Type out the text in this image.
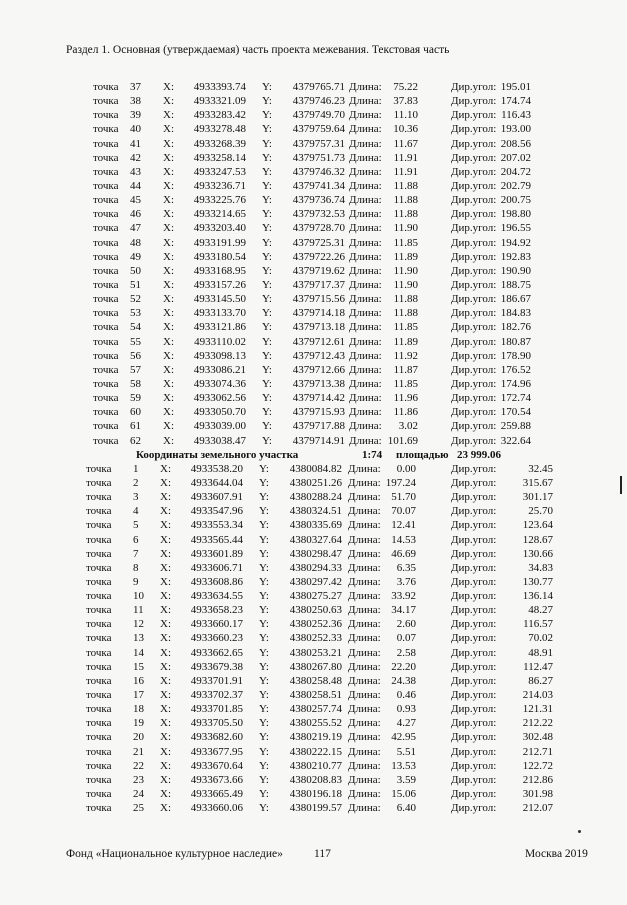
Раздел 1. Основная (утверждаемая) часть проекта межевания. Текстовая часть
точка 37 X: 4933393.74 Y: 4379765.71 Длина: 75.22	Дир.угол: 195.01
точка 38 X: 4933321.09 Y: 4379746.23 Длина: 37.83	Дир.угол: 174.74
точка 39 X: 4933283.42 Y: 4379749.70 Длина: 11.10	Дир.угол: 116.43
точка 40 X: 4933278.48 Y: 4379759.64 Длина: 10.36	Дир.угол: 193.00
точка 41 X: 4933268.39 Y: 4379757.31 Длина: 11.67	Дир.угол: 208.56
точка 42 X: 4933258.14 Y: 4379751.73 Длина: 11.91	Дир.угол: 207.02
точка 43 X: 4933247.53 Y: 4379746.32 Длина: 11.91	Дир.угол: 204.72
точка 44 X: 4933236.71 Y: 4379741.34 Длина: 11.88	Дир.угол: 202.79
точка 45 X: 4933225.76 Y: 4379736.74 Длина: 11.88	Дир.угол: 200.75
точка 46 X: 4933214.65 Y: 4379732.53 Длина: 11.88	Дир.угол: 198.80
точка 47 X: 4933203.40 Y: 4379728.70 Длина: 11.90	Дир.угол: 196.55
точка 48 X: 4933191.99 Y: 4379725.31 Длина: 11.85	Дир.угол: 194.92
точка 49 X: 4933180.54 Y: 4379722.26 Длина: 11.89	Дир.угол: 192.83
точка 50 X: 4933168.95 Y: 4379719.62 Длина: 11.90	Дир.угол: 190.90
точка 51 X: 4933157.26 Y: 4379717.37 Длина: 11.90	Дир.угол: 188.75
точка 52 X: 4933145.50 Y: 4379715.56 Длина: 11.88	Дир.угол: 186.67
точка 53 X: 4933133.70 Y: 4379714.18 Длина: 11.88	Дир.угол: 184.83
точка 54 X: 4933121.86 Y: 4379713.18 Длина: 11.85	Дир.угол: 182.76
точка 55 X: 4933110.02 Y: 4379712.61 Длина: 11.89	Дир.угол: 180.87
точка 56 X: 4933098.13 Y: 4379712.43 Длина: 11.92	Дир.угол: 178.90
точка 57 X: 4933086.21 Y: 4379712.66 Длина: 11.87	Дир.угол: 176.52
точка 58 X: 4933074.36 Y: 4379713.38 Длина: 11.85	Дир.угол: 174.96
точка 59 X: 4933062.56 Y: 4379714.42 Длина: 11.96	Дир.угол: 172.74
точка 60 X: 4933050.70 Y: 4379715.93 Длина: 11.86	Дир.угол: 170.54
точка 61 X: 4933039.00 Y: 4379717.88 Длина: 3.02	Дир.угол: 259.88
точка 62 X: 4933038.47 Y: 4379714.91 Длина: 101.69	Дир.угол: 322.64
Координаты земельного участка	1:74 площадью 23 999.06
точка 1 X: 4933538.20 Y: 4380084.82 Длина: 0.00	Дир.угол:	32.45
точка 2 X: 4933644.04 Y: 4380251.26 Длина: 197.24	Дир.угол: 315.67
точка 3 X: 4933607.91 Y: 4380288.24 Длина: 51.70	Дир.угол: 301.17
точка 4 X: 4933547.96 Y: 4380324.51 Длина: 70.07	Дир.угол:	25.70
точка 5 X: 4933553.34 Y: 4380335.69 Длина: 12.41	Дир.угол: 123.64
точка 6 X: 4933565.44 Y: 4380327.64 Длина: 14.53	Дир.угол: 128.67
точка 7 X: 4933601.89 Y: 4380298.47 Длина: 46.69	Дир.угол: 130.66
точка 8 X: 4933606.71 Y: 4380294.33 Длина: 6.35	Дир.угол:	34.83
точка 9 X: 4933608.86 Y: 4380297.42 Длина: 3.76	Дир.угол: 130.77
точка 10 X: 4933634.55 Y: 4380275.27 Длина: 33.92	Дир.угол: 136.14
точка 11 X: 4933658.23 Y: 4380250.63 Длина: 34.17	Дир.угол:	48.27
точка 12 X: 4933660.17 Y: 4380252.36 Длина: 2.60	Дир.угол: 116.57
точка 13 X: 4933660.23 Y: 4380252.33 Длина: 0.07	Дир.угол:	70.02
точка 14 X: 4933662.65 Y: 4380253.21 Длина: 2.58	Дир.угол:	48.91
точка 15 X: 4933679.38 Y: 4380267.80 Длина: 22.20	Дир.угол: 112.47
точка 16 X: 4933701.91 Y: 4380258.48 Длина: 24.38	Дир.угол:	86.27
точка 17 X: 4933702.37 Y: 4380258.51 Длина: 0.46	Дир.угол: 214.03
точка 18 X: 4933701.85 Y: 4380257.74 Длина: 0.93	Дир.угол: 121.31
точка 19 X: 4933705.50 Y: 4380255.52 Длина: 4.27	Дир.угол: 212.22
точка 20 X: 4933682.60 Y: 4380219.19 Длина: 42.95	Дир.угол: 302.48
точка 21 X: 4933677.95 Y: 4380222.15 Длина: 5.51	Дир.угол: 212.71
точка 22 X: 4933670.64 Y: 4380210.77 Длина: 13.53	Дир.угол: 122.72
точка 23 X: 4933673.66 Y: 4380208.83 Длина: 3.59	Дир.угол: 212.86
точка 24 X: 4933665.49 Y: 4380196.18 Длина: 15.06	Дир.угол: 301.98
точка 25 X: 4933660.06 Y: 4380199.57 Длина: 6.40	Дир.угол: 212.07
Фонд «Национальное культурное наследие»	117	Москва 2019
